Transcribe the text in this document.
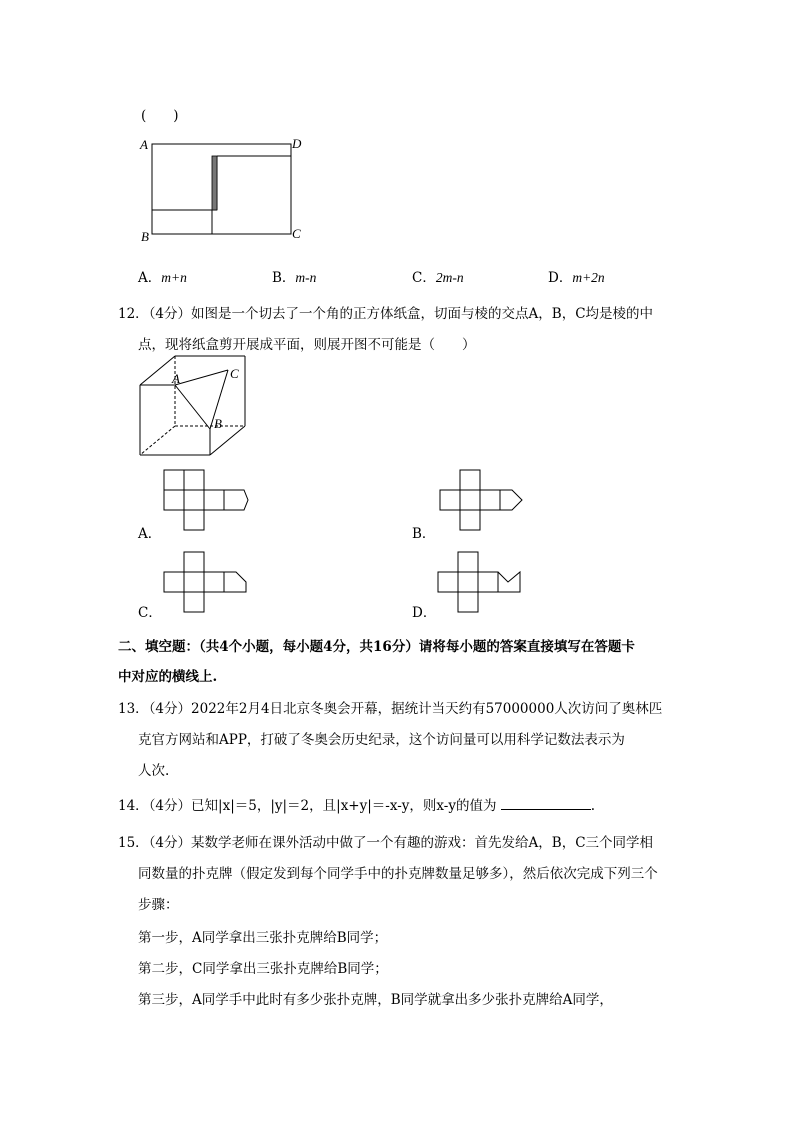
(　　)
A	D
B	C
A．m+n	B．m-n	C．2m-n	D．m+2n
12．（4分）如图是一个切去了一个角的正方体纸盒，切面与棱的交点A，B，C均是棱的中
点，现将纸盒剪开展成平面，则展开图不可能是（　　）
A	C
B
A．	B．
C．	D．
二、填空题：（共4个小题，每小题4分，共16分）请将每小题的答案直接填写在答题卡
中对应的横线上.
13．（4分）2022年2月4日北京冬奥会开幕，据统计当天约有57000000人次访问了奥林匹
克官方网站和APP，打破了冬奥会历史纪录，这个访问量可以用科学记数法表示为
人次.
14．（4分）已知|x|＝5，|y|＝2，且|x+y|＝-x-y，则x-y的值为	.
15．（4分）某数学老师在课外活动中做了一个有趣的游戏：首先发给A，B，C三个同学相
同数量的扑克牌（假定发到每个同学手中的扑克牌数量足够多），然后依次完成下列三个
步骤：
第一步，A同学拿出三张扑克牌给B同学；
第二步，C同学拿出三张扑克牌给B同学；
第三步，A同学手中此时有多少张扑克牌，B同学就拿出多少张扑克牌给A同学，
